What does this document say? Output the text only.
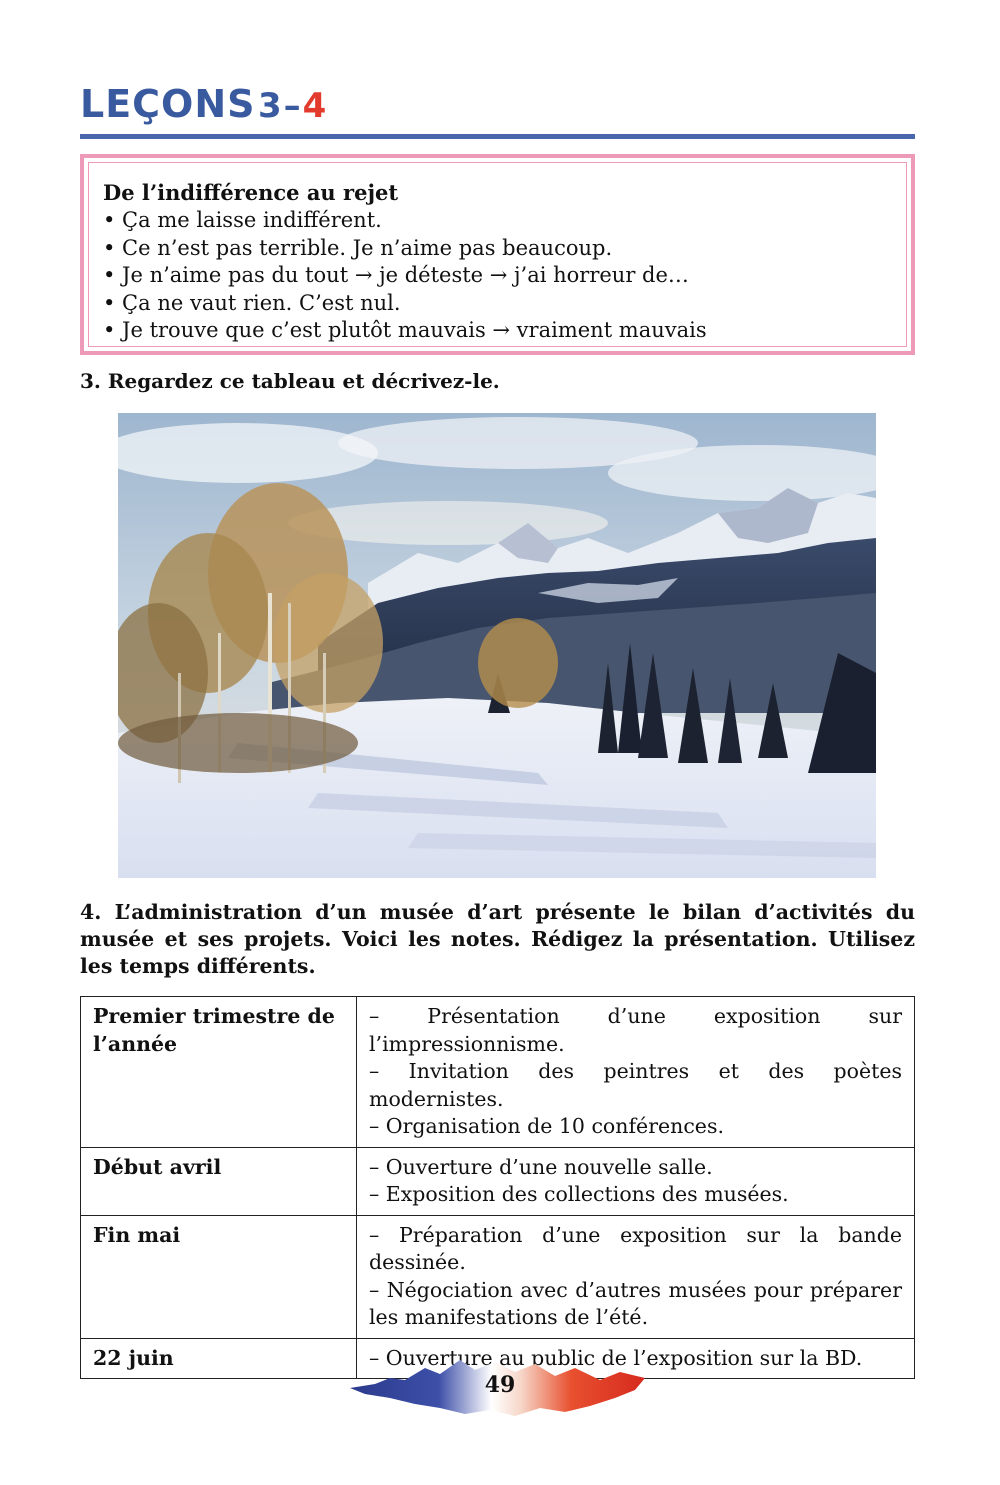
LEÇONS 3–4
De l’indifférence au rejet
• Ça me laisse indifférent.
• Ce n’est pas terrible. Je n’aime pas beaucoup.
• Je n’aime pas du tout → je déteste → j’ai horreur de…
• Ça ne vaut rien. C’est nul.
• Je trouve que c’est plutôt mauvais → vraiment mauvais
3. Regardez ce tableau et décrivez-le.
4. L’administration d’un musée d’art présente le bilan d’activités du musée et ses projets. Voici les notes. Rédigez la présentation. Utilisez les temps différents.
Premier trimestre de l’année	– Présentation d’une exposition sur l’impressionnisme.
– Invitation des peintres et des poètes modernistes.
– Organisation de 10 conférences.

Début avril	– Ouverture d’une nouvelle salle.
– Exposition des collections des musées.

Fin mai	– Préparation d’une exposition sur la bande dessinée.
– Négociation avec d’autres musées pour préparer les manifestations de l’été.

22 juin	– Ouverture au public de l’exposition sur la BD.
49
